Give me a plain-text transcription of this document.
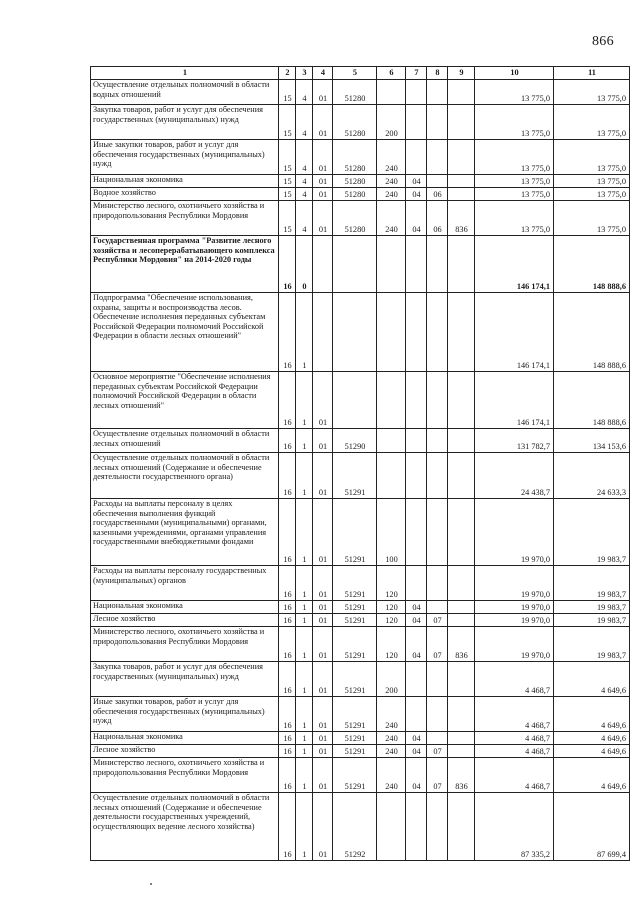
866
1	2	3	4	5	6	7	8	9	10	11
Осуществление отдельных полномочий в области водных отношений	15	4	01	51280					13 775,0	13 775,0
Закупка товаров, работ и услуг для обеспечения государственных (муниципальных) нужд	15	4	01	51280	200				13 775,0	13 775,0
Иные закупки товаров, работ и услуг для обеспечения государственных (муниципальных) нужд	15	4	01	51280	240				13 775,0	13 775,0
Национальная экономика	15	4	01	51280	240	04			13 775,0	13 775,0
Водное хозяйство	15	4	01	51280	240	04	06		13 775,0	13 775,0
Министерство лесного, охотничьего хозяйства и природопользования Республики Мордовия	15	4	01	51280	240	04	06	836	13 775,0	13 775,0
Государственная программа "Развитие лесного хозяйства и лесоперерабатывающего комплекса Республики Мордовия" на 2014-2020 годы	16	0							146 174,1	148 888,6
Подпрограмма "Обеспечение использования, охраны, защиты и воспроизводства лесов. Обеспечение исполнения переданных субъектам Российской Федерации полномочий Российской Федерации в области лесных отношений"	16	1							146 174,1	148 888,6
Основное мероприятие "Обеспечение исполнения переданных субъектам Российской Федерации полномочий Российской Федерации в области лесных отношений"	16	1	01						146 174,1	148 888,6
Осуществление отдельных полномочий в области лесных отношений	16	1	01	51290					131 782,7	134 153,6
Осуществление отдельных полномочий в области лесных отношений (Содержание и обеспечение деятельности государственного органа)	16	1	01	51291					24 438,7	24 633,3
Расходы на выплаты персоналу в целях обеспечения выполнения функций государственными (муниципальными) органами, казенными учреждениями, органами управления государственными внебюджетными фондами	16	1	01	51291	100				19 970,0	19 983,7
Расходы на выплаты персоналу государственных (муниципальных) органов	16	1	01	51291	120				19 970,0	19 983,7
Национальная экономика	16	1	01	51291	120	04			19 970,0	19 983,7
Лесное хозяйство	16	1	01	51291	120	04	07		19 970,0	19 983,7
Министерство лесного, охотничьего хозяйства и природопользования Республики Мордовия	16	1	01	51291	120	04	07	836	19 970,0	19 983,7
Закупка товаров, работ и услуг для обеспечения государственных (муниципальных) нужд	16	1	01	51291	200				4 468,7	4 649,6
Иные закупки товаров, работ и услуг для обеспечения государственных (муниципальных) нужд	16	1	01	51291	240				4 468,7	4 649,6
Национальная экономика	16	1	01	51291	240	04			4 468,7	4 649,6
Лесное хозяйство	16	1	01	51291	240	04	07		4 468,7	4 649,6
Министерство лесного, охотничьего хозяйства и природопользования Республики Мордовия	16	1	01	51291	240	04	07	836	4 468,7	4 649,6
Осуществление отдельных полномочий в области лесных отношений (Содержание и обеспечение деятельности государственных учреждений, осуществляющих ведение лесного хозяйства)	16	1	01	51292					87 335,2	87 699,4
